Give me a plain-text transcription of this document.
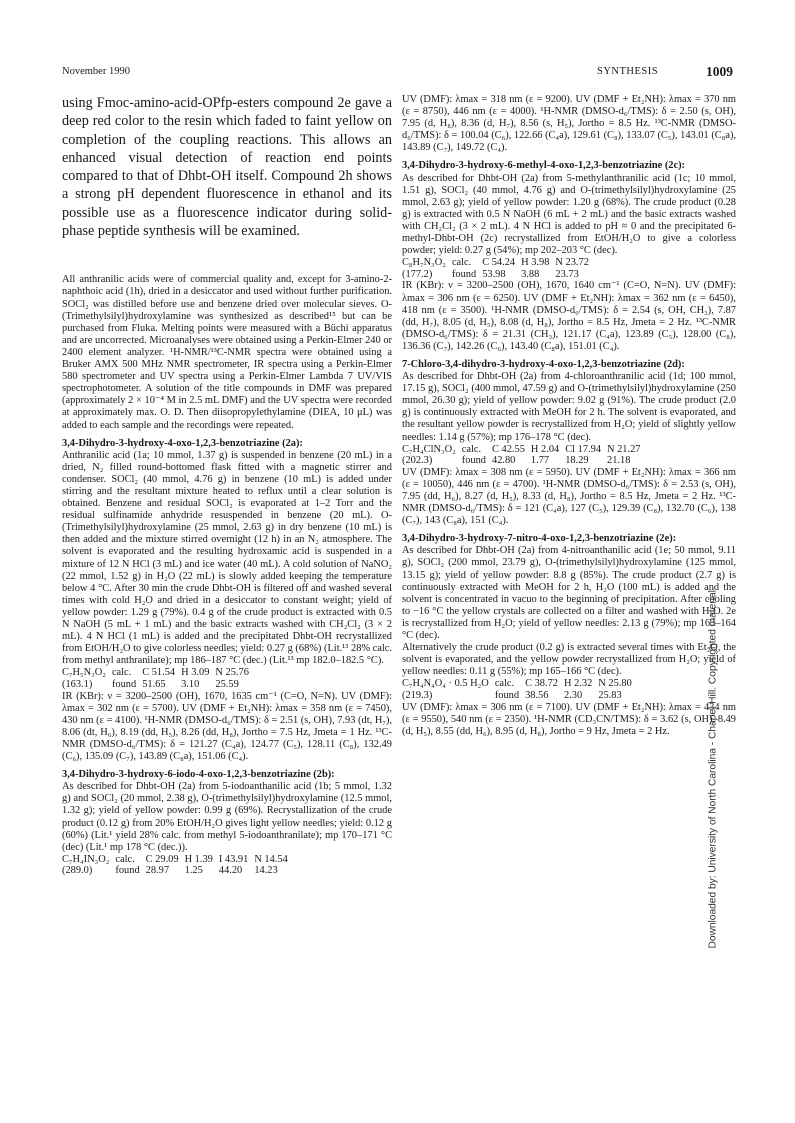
November 1990	SYNTHESIS	1009

using Fmoc-amino-acid-OPfp-esters compound 2e gave a deep red color to the resin which faded to faint yellow on completion of the coupling reactions. This allows an enhanced visual detection of reaction end points compared to that of Dhbt-OH itself. Compound 2h shows a strong pH dependent fluorescence in ethanol and its possible use as a fluorescence indicator during solid-phase peptide synthesis will be examined.

All anthranilic acids were of commercial quality and, except for 3-amino-2-naphthoic acid (1h), dried in a desiccator and used without further purification. SOCl₂ was distilled before use and benzene dried over molecular sieves. O-(Trimethylsilyl)hydroxylamine was synthesized as described¹⁵ but can be purchased from Fluka. Melting points were measured with a Büchi apparatus and are uncorrected. Microanalyses were obtained using a Perkin-Elmer 240 or 2400 element analyzer. ¹H-NMR/¹³C-NMR spectra were obtained using a Bruker AMX 500 MHz NMR spectrometer, IR spectra using a Perkin-Elmer 580 spectrometer and UV spectra using a Perkin-Elmer Lambda 7 UV/VIS spectrophotometer. A solution of the title compounds in DMF was prepared (approximately 2 × 10⁻⁴ M in 2.5 mL DMF) and the UV spectra were recorded at approximately max. O. D. Then diisopropylethylamine (DIEA, 10 μL) was added to each sample and the recordings were repeated.

3,4-Dihydro-3-hydroxy-4-oxo-1,2,3-benzotriazine (2a):

Anthranilic acid (1a; 10 mmol, 1.37 g) is suspended in benzene (20 mL) in a dried, N₂ filled round-bottomed flask fitted with a magnetic stirrer and condenser. SOCl₂ (40 mmol, 4.76 g) in benzene (10 mL) is added under stirring and the resultant mixture heated to reflux until a clear solution is obtained. Benzene and residual SOCl₂ is evaporated at 1–2 Torr and the residual sulfinamide anhydride resuspended in benzene (20 mL). O-(Trimethylsilyl)hydroxylamine (25 mmol, 2.63 g) in dry benzene (10 mL) is then added and the mixture stirred overnight (12 h) in an N₂ atmosphere. The solvent is evaporated and the resulting hydroxamic acid is suspended in a mixture of 12 N HCl (3 mL) and ice water (40 mL). A cold solution of NaNO₂ (22 mmol, 1.52 g) in H₂O (22 mL) is slowly added keeping the temperature below 4 °C. After 30 min the crude Dhbt-OH is filtered off and washed several times with cold H₂O and dried in a desiccator to constant weight; yield of yellow powder: 1.29 g (79%). 0.4 g of the crude product is extracted with 0.5 N NaOH (5 mL + 1 mL) and the basic extracts washed with CH₂Cl₂ (3 × 2 mL). 4 N HCl (1 mL) is added and the precipitated Dhbt-OH recrystallized from EtOH/H₂O to give colorless needles; yield: 0.27 g (68%) (Lit.¹³ 28% calc. from methyl anthranilate); mp 186–187 °C (dec.) (Lit.¹³ mp 182.0–182.5 °C).

C₇H₅N₃O₂	calc.	C 51.54	H 3.09	N 25.76
(163.1)	found	51.65	3.10	25.59

IR (KBr): ν = 3200–2500 (OH), 1670, 1635 cm⁻¹ (C=O, N=N). UV (DMF): λmax = 302 nm (ε = 5700). UV (DMF + Et₂NH): λmax = 358 nm (ε = 7450), 430 nm (ε = 4100). ¹H-NMR (DMSO-d₆/TMS): δ = 2.51 (s, OH), 7.93 (dt, H₇), 8.06 (dt, H₆), 8.19 (dd, H₅), 8.26 (dd, H₈), Jortho = 7.5 Hz, Jmeta = 1 Hz. ¹³C-NMR (DMSO-d₆/TMS): δ = 121.27 (C₄a), 124.77 (C₅), 128.11 (C₈), 132.49 (C₆), 135.09 (C₇), 143.89 (C₈a), 151.06 (C₄).

3,4-Dihydro-3-hydroxy-6-iodo-4-oxo-1,2,3-benzotriazine (2b):

As described for Dhbt-OH (2a) from 5-iodoanthanilic acid (1b; 5 mmol, 1.32 g) and SOCl₂ (20 mmol, 2.38 g), O-(trimethylsilyl)hydroxylamine (12.5 mmol, 1.32 g); yield of yellow powder: 0.99 g (69%). Recrystallization of the crude product (0.12 g) from 20% EtOH/H₂O gives light yellow needles; yield: 0.12 g (60%) (Lit.¹ yield 28% calc. from methyl 5-iodoanthranilate); mp 170–171 °C (dec) (Lit.¹ mp 178 °C (dec.)).

C₇H₄IN₃O₂	calc.	C 29.09	H 1.39	I 43.91	N 14.54
(289.0)	found	28.97	1.25	44.20	14.23

UV (DMF): λmax = 318 nm (ε = 9200). UV (DMF + Et₂NH): λmax = 370 nm (ε = 8750), 446 nm (ε = 4000). ¹H-NMR (DMSO-d₆/TMS): δ = 2.50 (s, OH), 7.95 (d, H₈), 8.36 (d, H₇), 8.56 (s, H₅), Jortho = 8.5 Hz. ¹³C-NMR (DMSO-d₆/TMS): δ = 100.04 (C₆), 122.66 (C₄a), 129.61 (C₈), 133.07 (C₅), 143.01 (C₈a), 143.89 (C₇), 149.72 (C₄).

3,4-Dihydro-3-hydroxy-6-methyl-4-oxo-1,2,3-benzotriazine (2c):

As described for Dhbt-OH (2a) from 5-methylanthranilic acid (1c; 10 mmol, 1.51 g), SOCl₂ (40 mmol, 4.76 g) and O-(trimethylsilyl)hydroxylamine (25 mmol, 2.63 g); yield of yellow powder: 1.20 g (68%). The crude product (0.28 g) is extracted with 0.5 N NaOH (6 mL + 2 mL) and the basic extracts washed with CH₂Cl₂ (3 × 2 mL). 4 N HCl is added to pH ≈ 0 and the precipitated 6-methyl-Dhbt-OH (2c) recrystallized from EtOH/H₂O to give a colorless powder; yield: 0.27 g (54%); mp 202–203 °C (dec).

C₈H₇N₃O₂	calc.	C 54.24	H 3.98	N 23.72
(177.2)	found	53.98	3.88	23.73

IR (KBr): ν = 3200–2500 (OH), 1670, 1640 cm⁻¹ (C=O, N=N). UV (DMF): λmax = 306 nm (ε = 6250). UV (DMF + Et₂NH): λmax = 362 nm (ε = 6450), 418 nm (ε = 3500). ¹H-NMR (DMSO-d₆/TMS): δ = 2.54 (s, OH, CH₃), 7.87 (dd, H₇), 8.05 (d, H₅), 8.08 (d, H₈), Jortho = 8.5 Hz, Jmeta = 2 Hz. ¹³C-NMR (DMSO-d₆/TMS): δ = 21.31 (CH₃), 121.17 (C₄a), 123.89 (C₅), 128.00 (C₈), 136.36 (C₇), 142.26 (C₆), 143.40 (C₈a), 151.01 (C₄).

7-Chloro-3,4-dihydro-3-hydroxy-4-oxo-1,2,3-benzotriazine (2d):

As described for Dhbt-OH (2a) from 4-chloroanthranilic acid (1d; 100 mmol, 17.15 g), SOCl₂ (400 mmol, 47.59 g) and O-(trimethylsilyl)hydroxylamine (250 mmol, 26.30 g); yield of yellow powder: 9.02 g (91%). The crude product (2.0 g) is continuously extracted with MeOH for 2 h. The solvent is evaporated, and the resultant yellow powder is recrystallized from H₂O; yield of slightly yellow needles: 1.14 g (57%); mp 176–178 °C (dec).

C₇H₄ClN₃O₂	calc.	C 42.55	H 2.04	Cl 17.94	N 21.27
(202.3)	found	42.80	1.77	18.29	21.18

UV (DMF): λmax = 308 nm (ε = 5950). UV (DMF + Et₂NH): λmax = 366 nm (ε = 10050), 446 nm (ε = 4700). ¹H-NMR (DMSO-d₆/TMS): δ = 2.53 (s, OH), 7.95 (dd, H₆), 8.27 (d, H₅), 8.33 (d, H₈), Jortho = 8.5 Hz, Jmeta = 2 Hz. ¹³C-NMR (DMSO-d₆/TMS): δ = 121 (C₄a), 127 (C₅), 129.39 (C₈), 132.70 (C₆), 138 (C₇), 143 (C₈a), 151 (C₄).

3,4-Dihydro-3-hydroxy-7-nitro-4-oxo-1,2,3-benzotriazine (2e):

As described for Dhbt-OH (2a) from 4-nitroanthanilic acid (1e; 50 mmol, 9.11 g), SOCl₂ (200 mmol, 23.79 g), O-(trimethylsilyl)hydroxylamine (125 mmol, 13.15 g); yield of yellow powder: 8.8 g (85%). The crude product (2.7 g) is continuously extracted with MeOH for 2 h, H₂O (100 mL) is added and the solvent is concentrated in vacuo to the beginning of precipitation. After cooling to −16 °C the yellow crystals are collected on a filter and washed with H₂O. 2e is recrystallized from H₂O; yield of yellow needles: 2.13 g (79%); mp 163–164 °C (dec).

Alternatively the crude product (0.2 g) is extracted several times with Et₂O, the solvent is evaporated, and the yellow powder recrystallized from H₂O; yield of yellow needles: 0.11 g (55%); mp 165–166 °C (dec).

C₇H₄N₄O₄ · 0.5 H₂O	calc.	C 38.72	H 2.32	N 25.80
(219.3)	found	38.56	2.30	25.83

UV (DMF): λmax = 306 nm (ε = 7100). UV (DMF + Et₂NH): λmax = 434 nm (ε = 9550), 540 nm (ε = 2350). ¹H-NMR (CD₃CN/TMS): δ = 3.62 (s, OH), 8.49 (d, H₅), 8.55 (dd, H₆), 8.95 (d, H₈), Jortho = 9 Hz, Jmeta = 2 Hz.	Downloaded by: University of North Carolina - Chapel Hill. Copyrighted material.
